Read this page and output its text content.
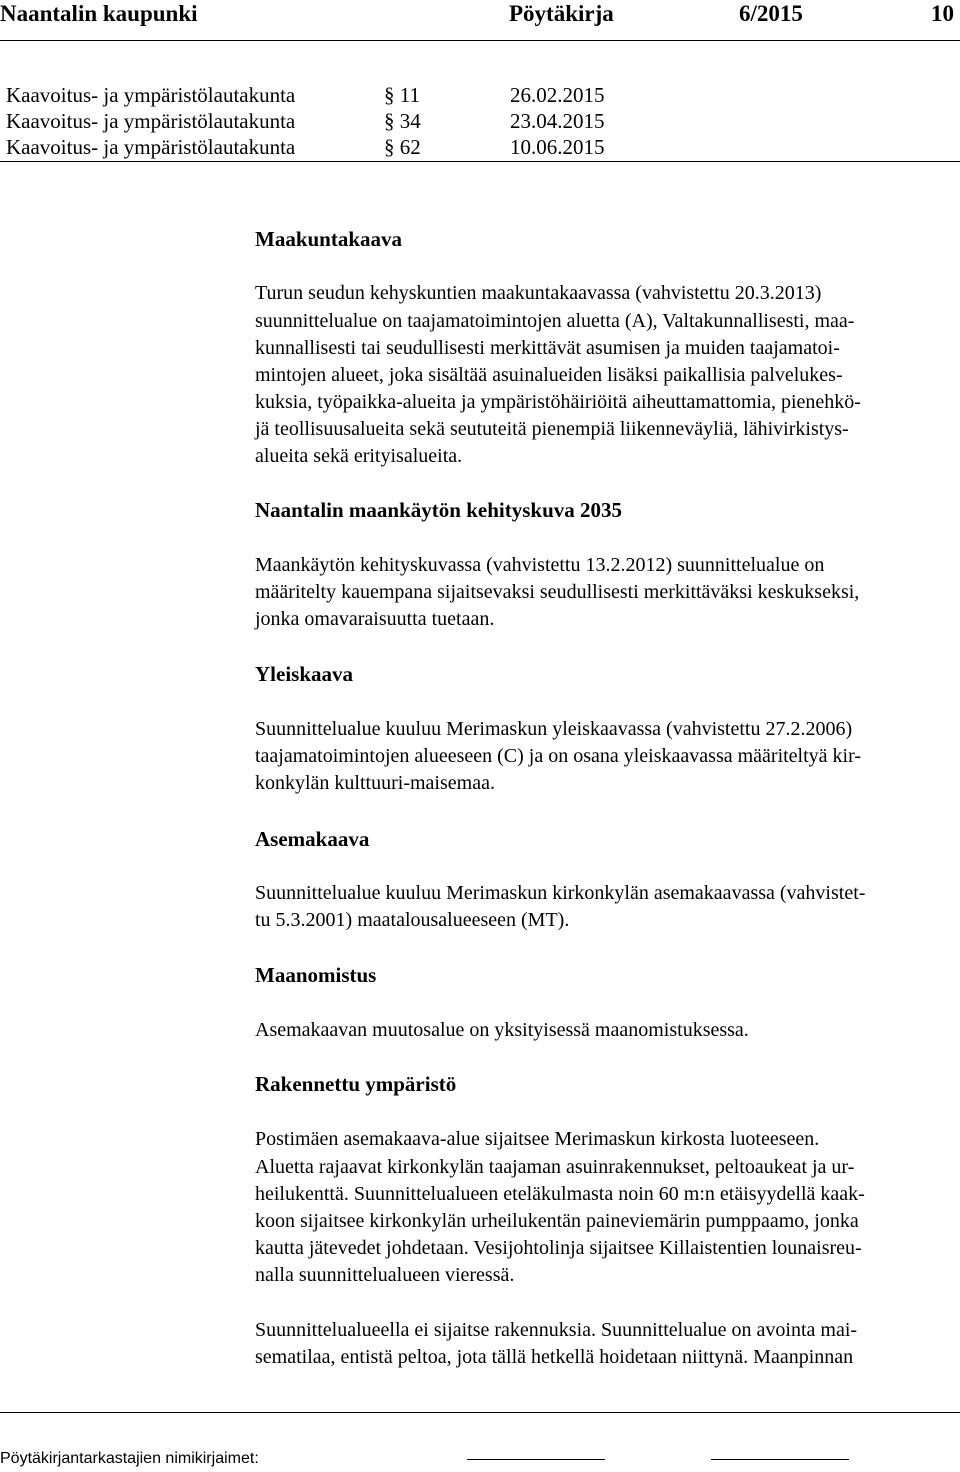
Naantalin kaupunki	Pöytäkirja	6/2015	10
Kaavoitus- ja ympäristölautakunta	§ 11	26.02.2015
Kaavoitus- ja ympäristölautakunta	§ 34	23.04.2015
Kaavoitus- ja ympäristölautakunta	§ 62	10.06.2015
Maakuntakaava
Turun seudun kehyskuntien maakuntakaavassa (vahvistettu 20.3.2013)
suunnittelualue on taajamatoimintojen aluetta (A), Valtakunnallisesti, maa-
kunnallisesti tai seudullisesti merkittävät asumisen ja muiden taajamatoi-
mintojen alueet, joka sisältää asuinalueiden lisäksi paikallisia palvelukes-
kuksia, työpaikka-alueita ja ympäristöhäiriöitä aiheuttamattomia, pienehkö-
jä teollisuusalueita sekä seututeitä pienempiä liikenneväyliä, lähivirkistys-
alueita sekä erityisalueita.
Naantalin maankäytön kehityskuva 2035
Maankäytön kehityskuvassa (vahvistettu 13.2.2012) suunnittelualue on
määritelty kauempana sijaitsevaksi seudullisesti merkittäväksi keskukseksi,
jonka omavaraisuutta tuetaan.
Yleiskaava
Suunnittelualue kuuluu Merimaskun yleiskaavassa (vahvistettu 27.2.2006)
taajamatoimintojen alueeseen (C) ja on osana yleiskaavassa määriteltyä kir-
konkylän kulttuuri-maisemaa.
Asemakaava
Suunnittelualue kuuluu Merimaskun kirkonkylän asemakaavassa (vahvistet-
tu 5.3.2001) maatalousalueeseen (MT).
Maanomistus
Asemakaavan muutosalue on yksityisessä maanomistuksessa.
Rakennettu ympäristö
Postimäen asemakaava-alue sijaitsee Merimaskun kirkosta luoteeseen.
Aluetta rajaavat kirkonkylän taajaman asuinrakennukset, peltoaukeat ja ur-
heilukenttä. Suunnittelualueen eteläkulmasta noin 60 m:n etäisyydellä kaak-
koon sijaitsee kirkonkylän urheilukentän paineviemärin pumppaamo, jonka
kautta jätevedet johdetaan. Vesijohtolinja sijaitsee Killaistentien lounaisreu-
nalla suunnittelualueen vieressä.
Suunnittelualueella ei sijaitse rakennuksia. Suunnittelualue on avointa mai-
sematilaa, entistä peltoa, jota tällä hetkellä hoidetaan niittynä. Maanpinnan
Pöytäkirjantarkastajien nimikirjaimet:
